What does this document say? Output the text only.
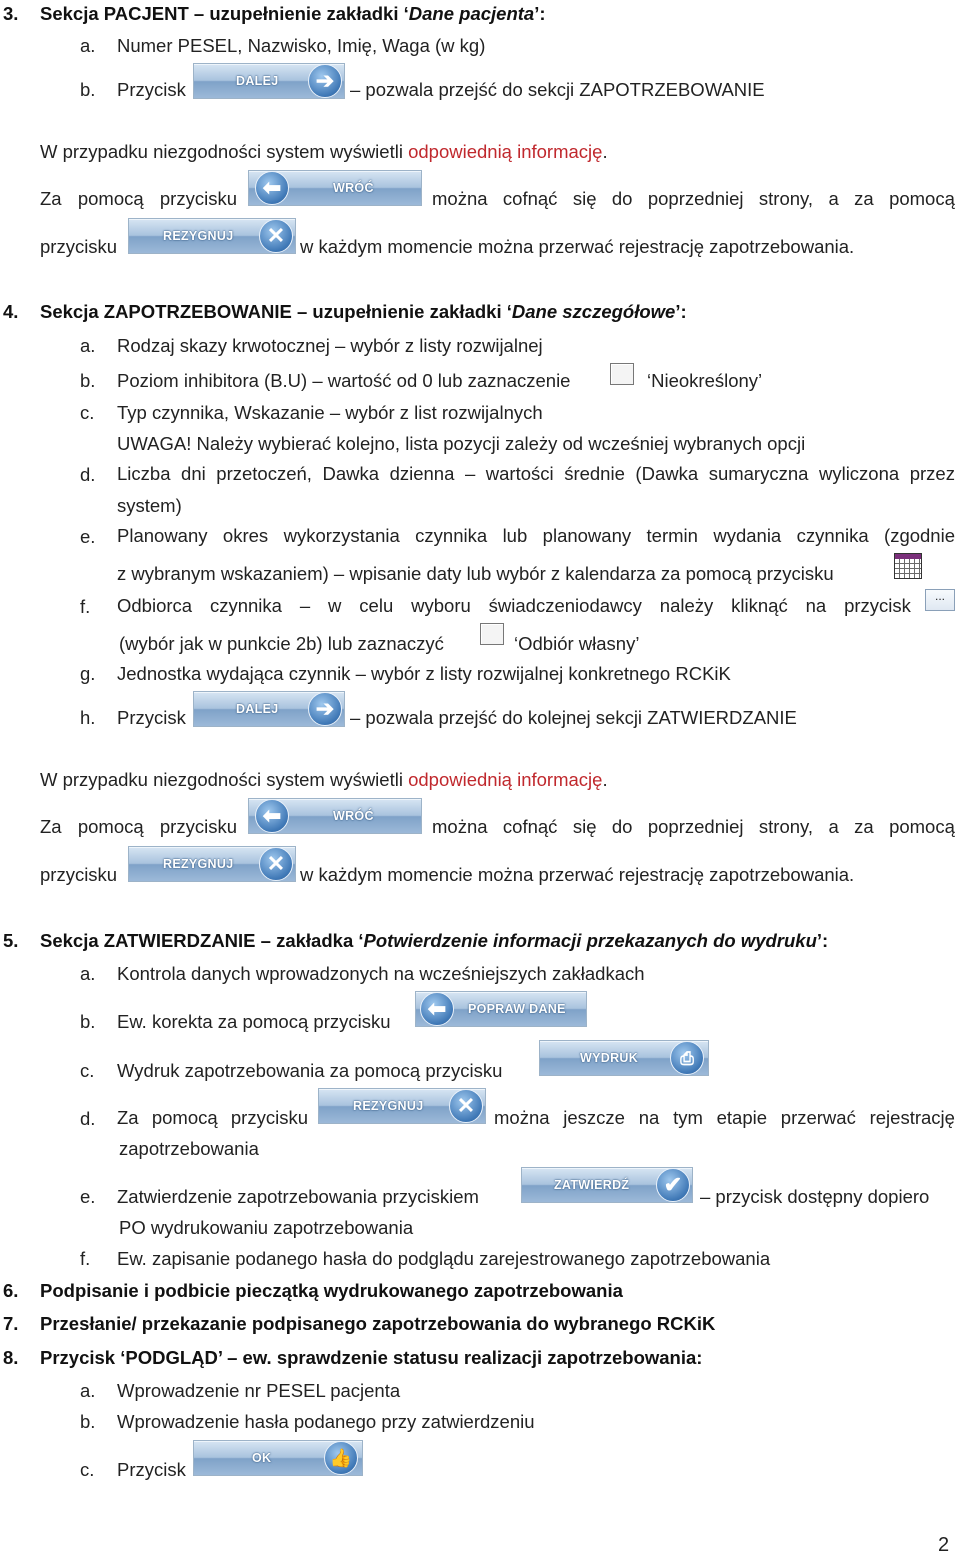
3. Sekcja PACJENT – uzupełnienie zakładki ‘Dane pacjenta’:
a. Numer PESEL, Nazwisko, Imię, Waga (w kg)
b. Przycisk	DALEJ	➔ – pozwala przejść do sekcji ZAPOTRZEBOWANIE
W przypadku niezgodności system wyświetli odpowiednią informację.
Za pomocą przycisku	⬅	WRÓĆ	można cofnąć się do poprzedniej strony, a za pomocą
przycisku	REZYGNUJ	✕ w każdym momencie można przerwać rejestrację zapotrzebowania.
4. Sekcja ZAPOTRZEBOWANIE – uzupełnienie zakładki ‘Dane szczegółowe’:
a. Rodzaj skazy krwotocznej – wybór z listy rozwijalnej
b. Poziom inhibitora (B.U) – wartość od 0 lub zaznaczenie	‘Nieokreślony’
c. Typ czynnika, Wskazanie – wybór z list rozwijalnych
UWAGA! Należy wybierać kolejno, lista pozycji zależy od wcześniej wybranych opcji
d. Liczba dni przetoczeń, Dawka dzienna – wartości średnie (Dawka sumaryczna wyliczona przez
system)
e. Planowany okres wykorzystania czynnika lub planowany termin wydania czynnika (zgodnie
z wybranym wskazaniem) – wpisanie daty lub wybór z kalendarza za pomocą przycisku
f. Odbiorca czynnika – w celu wyboru świadczeniodawcy należy kliknąć na przycisk	...
(wybór jak w punkcie 2b) lub zaznaczyć	‘Odbiór własny’
g. Jednostka wydająca czynnik – wybór z listy rozwijalnej konkretnego RCKiK
h. Przycisk	DALEJ	➔ – pozwala przejść do kolejnej sekcji ZATWIERDZANIE
W przypadku niezgodności system wyświetli odpowiednią informację.
Za pomocą przycisku	⬅	WRÓĆ	można cofnąć się do poprzedniej strony, a za pomocą
przycisku	REZYGNUJ	✕ w każdym momencie można przerwać rejestrację zapotrzebowania.
5. Sekcja ZATWIERDZANIE – zakładka ‘Potwierdzenie informacji przekazanych do wydruku’:
a. Kontrola danych wprowadzonych na wcześniejszych zakładkach
b. Ew. korekta za pomocą przycisku
⬅	POPRAW DANE
c. Wydruk zapotrzebowania za pomocą przycisku
WYDRUK	⎙
d. Za pomocą przycisku
REZYGNUJ	✕	można jeszcze na tym etapie przerwać rejestrację
zapotrzebowania
e. Zatwierdzenie zapotrzebowania przyciskiem
ZATWIERDŹ	✔ – przycisk dostępny dopiero
PO wydrukowaniu zapotrzebowania
f. Ew. zapisanie podanego hasła do podglądu zarejestrowanego zapotrzebowania
6. Podpisanie i podbicie pieczątką wydrukowanego zapotrzebowania
7. Przesłanie/ przekazanie podpisanego zapotrzebowania do wybranego RCKiK
8. Przycisk ‘PODGLĄD’ – ew. sprawdzenie statusu realizacji zapotrzebowania:
a. Wprowadzenie nr PESEL pacjenta
b. Wprowadzenie hasła podanego przy zatwierdzeniu
c. Przycisk
OK	👍
2
